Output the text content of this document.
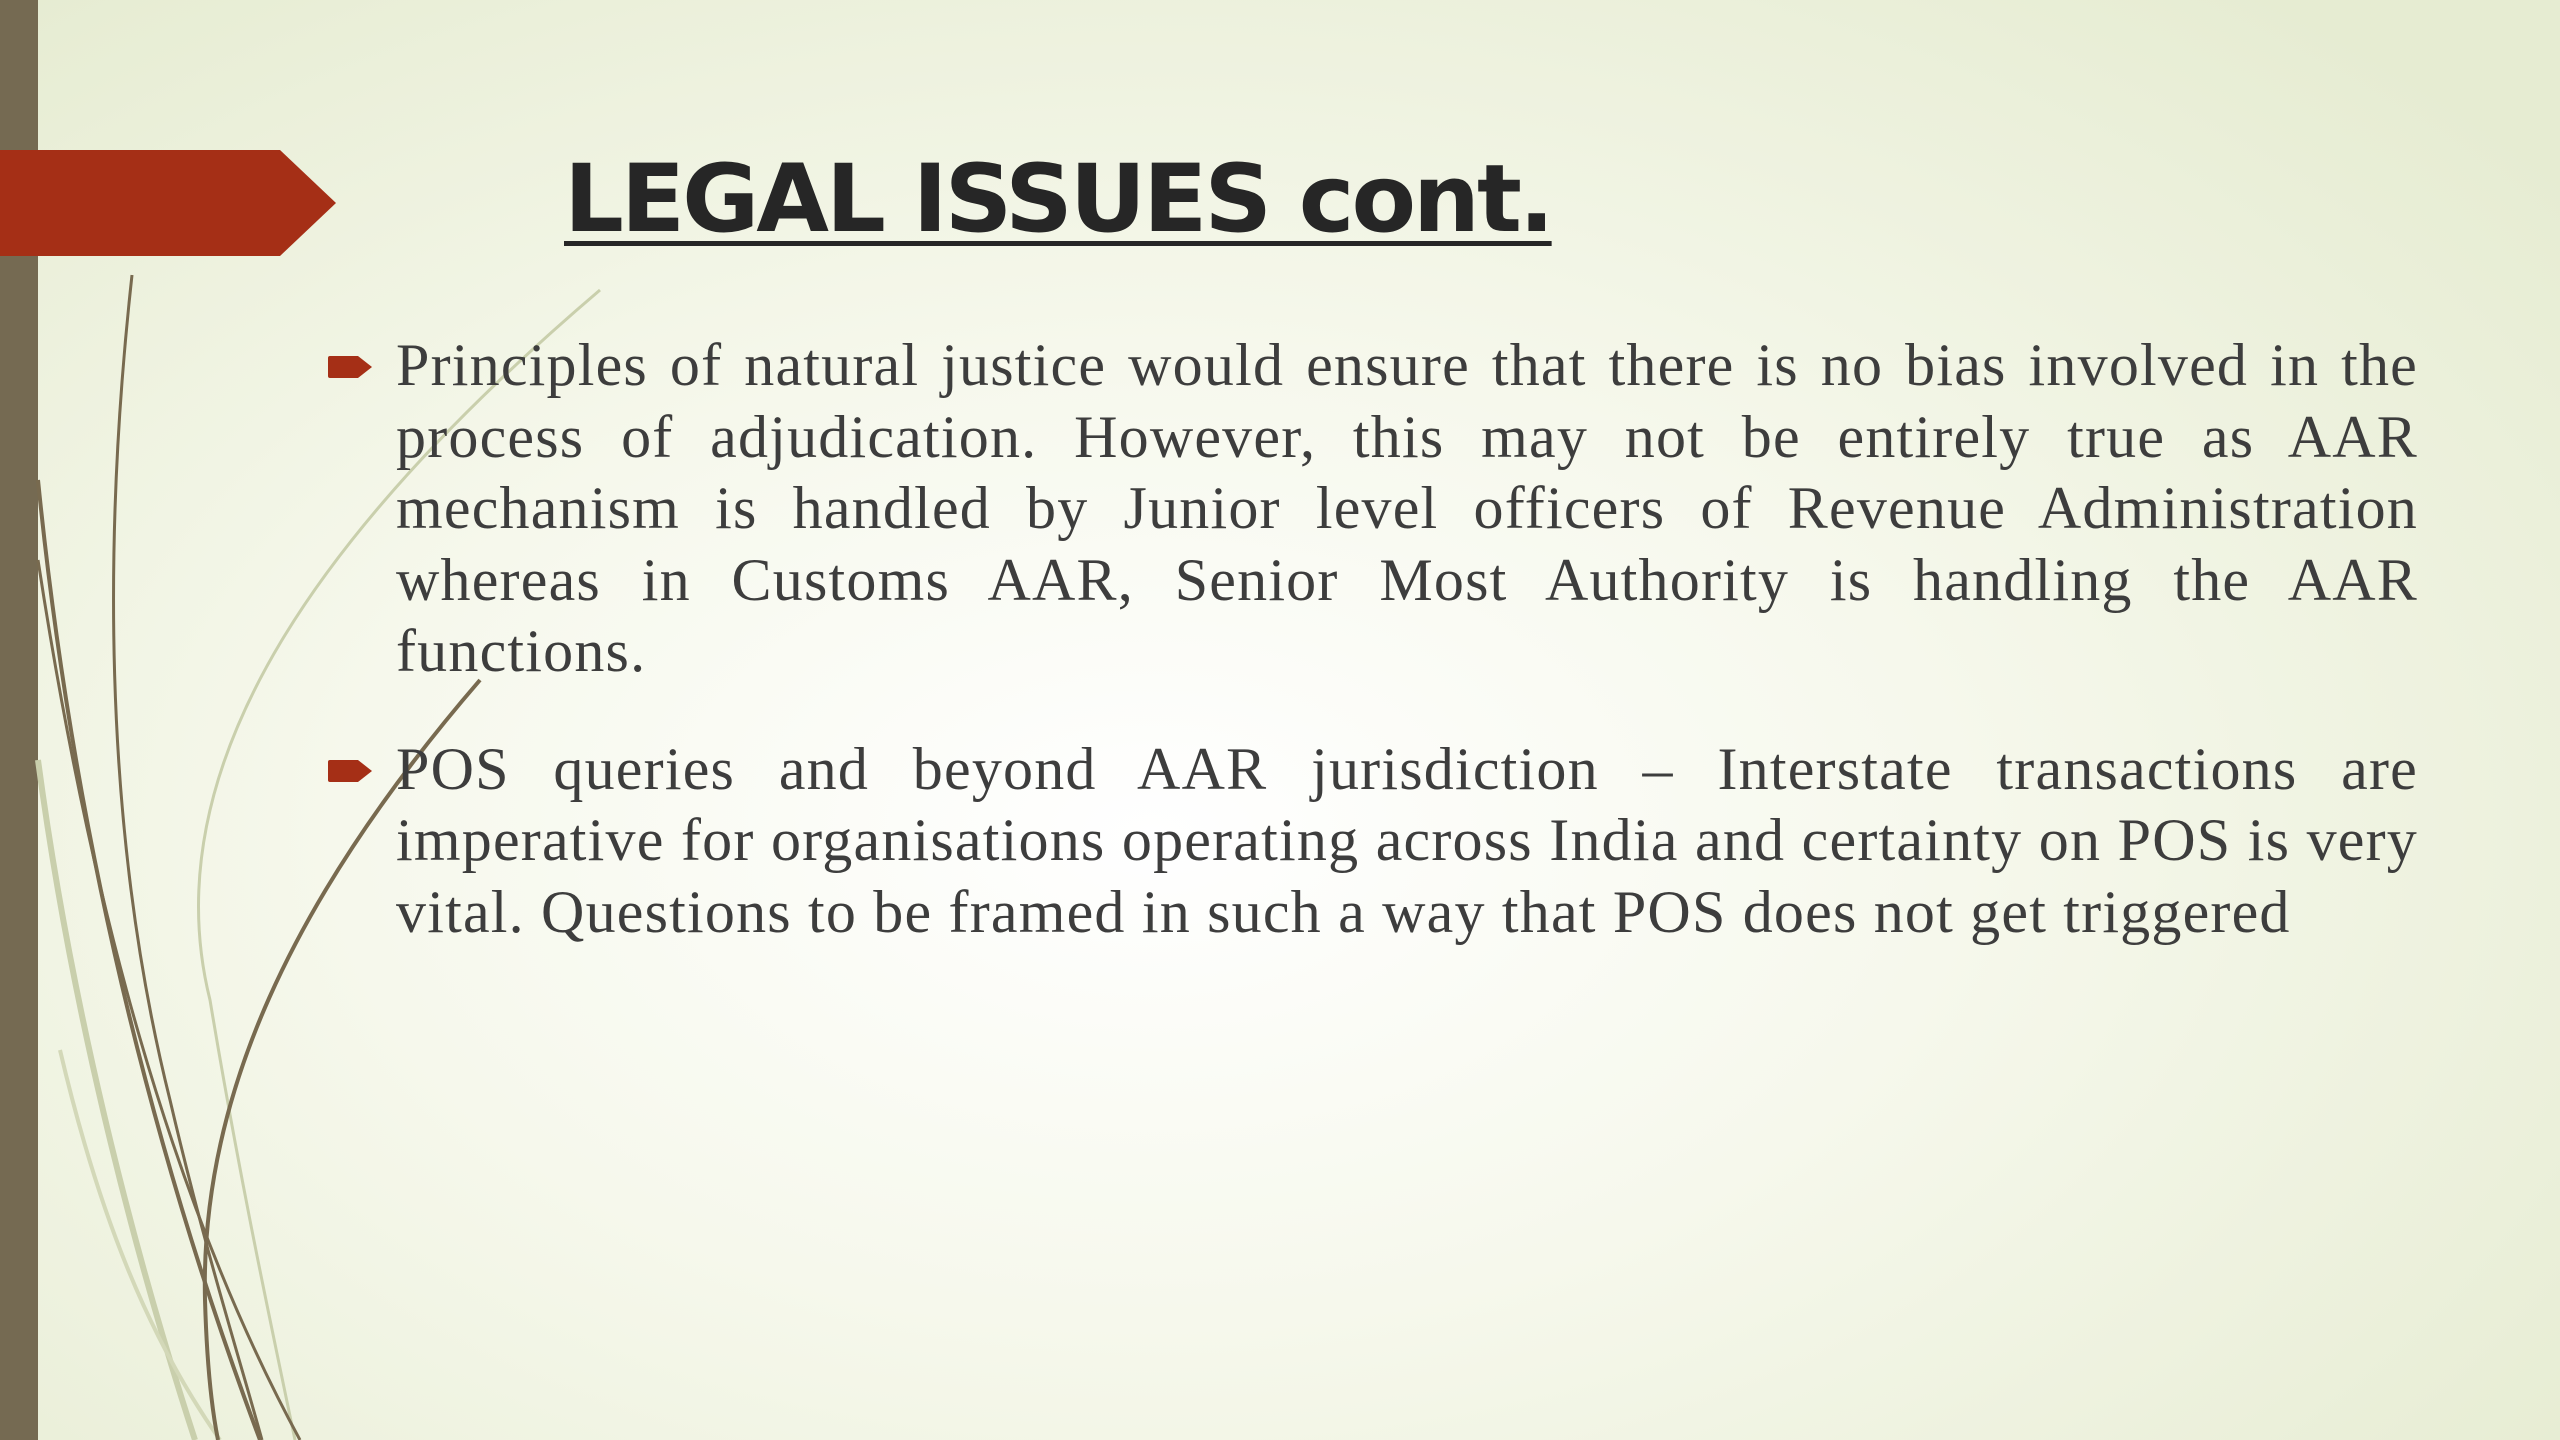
LEGAL ISSUES cont.
Principles of natural justice would ensure that there is no bias involved in the process of adjudication. However, this may not be entirely true as AAR mechanism is handled by Junior level officers of Revenue Administration whereas in Customs AAR, Senior Most Authority is handling the AAR functions.
POS queries and beyond AAR jurisdiction – Interstate transactions are imperative for organisations operating across India and certainty on POS is very vital. Questions to be framed in such a way that POS does not get triggered
